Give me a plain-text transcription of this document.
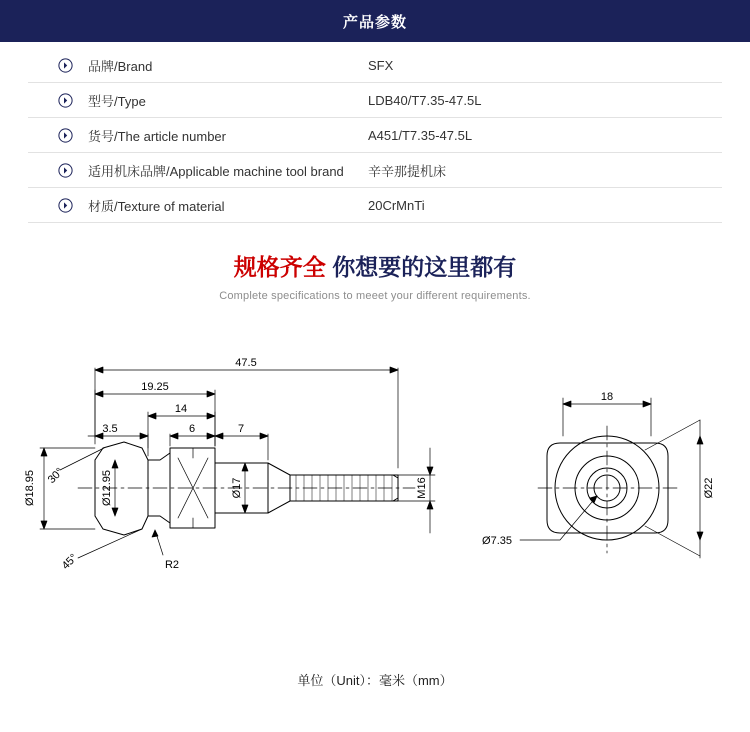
产品参数
品牌/Brand	SFX
型号/Type	LDB40/T7.35-47.5L
货号/The article number	A451/T7.35-47.5L
适用机床品牌/Applicable machine tool brand	辛辛那提机床
材质/Texture of material	20CrMnTi
规格齐全 你想要的这里都有
Complete specifications to meeet your different requirements.
47.5
19.25
14
3.5	6	7
Ø18.95	Ø12.95	Ø17	M16
30°
45°	R2
18
Ø22
Ø7.35
单位（Unit）：毫米（mm）
